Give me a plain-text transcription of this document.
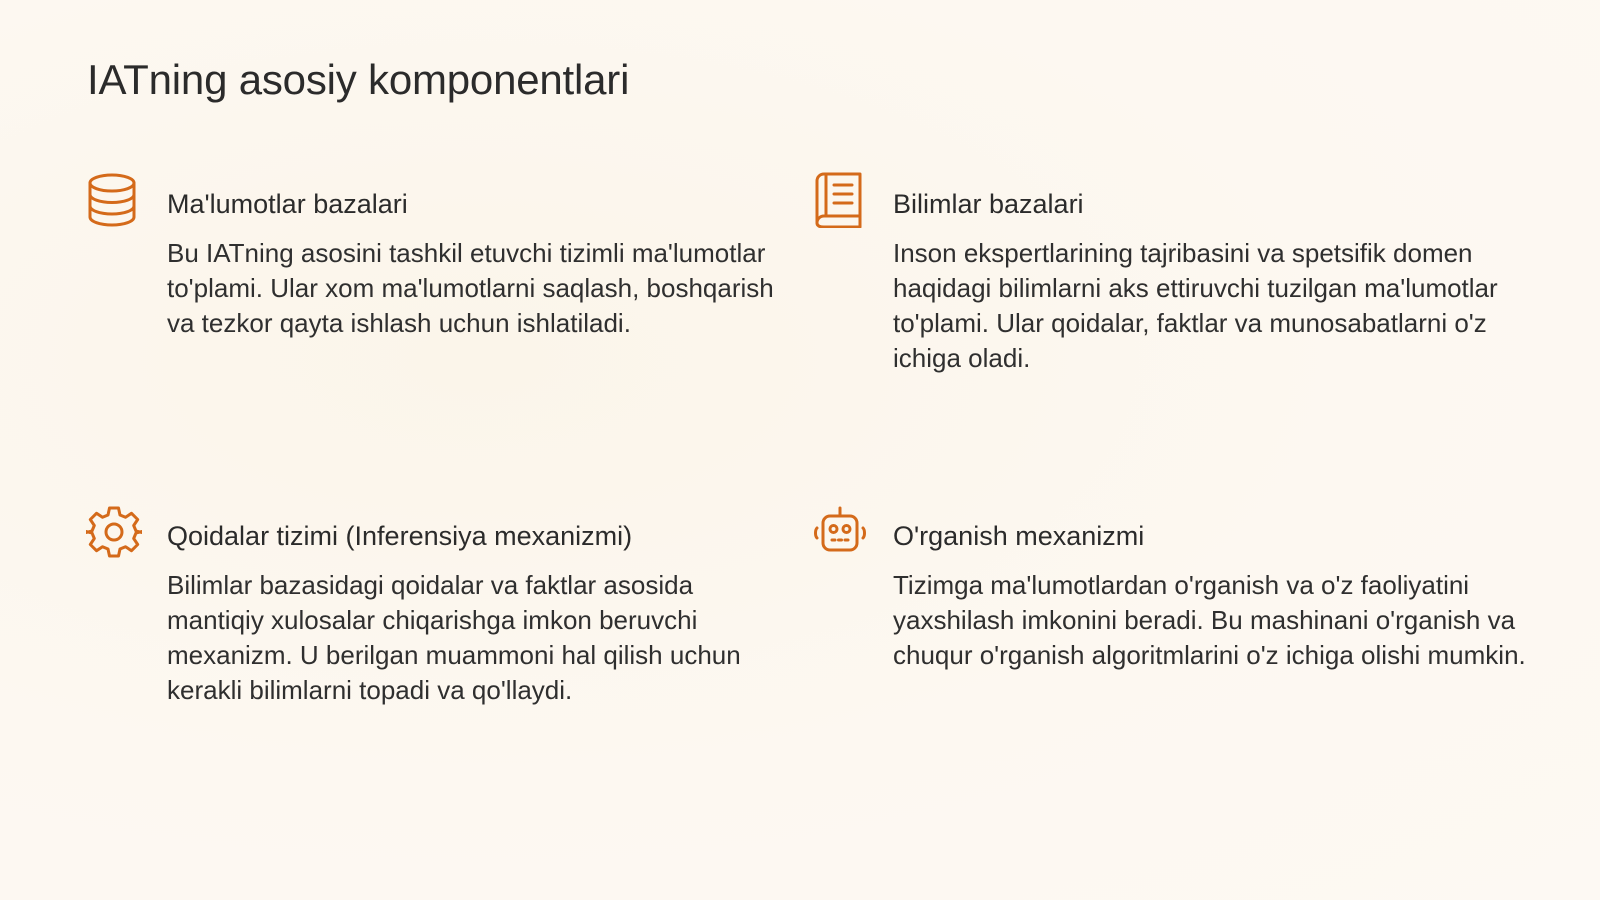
IATning asosiy komponentlari
Ma'lumotlar bazalari

Bu IATning asosini tashkil etuvchi tizimli ma'lumotlar to'plami. Ular xom ma'lumotlarni saqlash, boshqarish va tezkor qayta ishlash uchun ishlatiladi.

Bilimlar bazalari

Inson ekspertlarining tajribasini va spetsifik domen haqidagi bilimlarni aks ettiruvchi tuzilgan ma'lumotlar to'plami. Ular qoidalar, faktlar va munosabatlarni o'z ichiga oladi.

Qoidalar tizimi (Inferensiya mexanizmi)

Bilimlar bazasidagi qoidalar va faktlar asosida mantiqiy xulosalar chiqarishga imkon beruvchi mexanizm. U berilgan muammoni hal qilish uchun kerakli bilimlarni topadi va qo'llaydi.

O'rganish mexanizmi

Tizimga ma'lumotlardan o'rganish va o'z faoliyatini yaxshilash imkonini beradi. Bu mashinani o'rganish va chuqur o'rganish algoritmlarini o'z ichiga olishi mumkin.
